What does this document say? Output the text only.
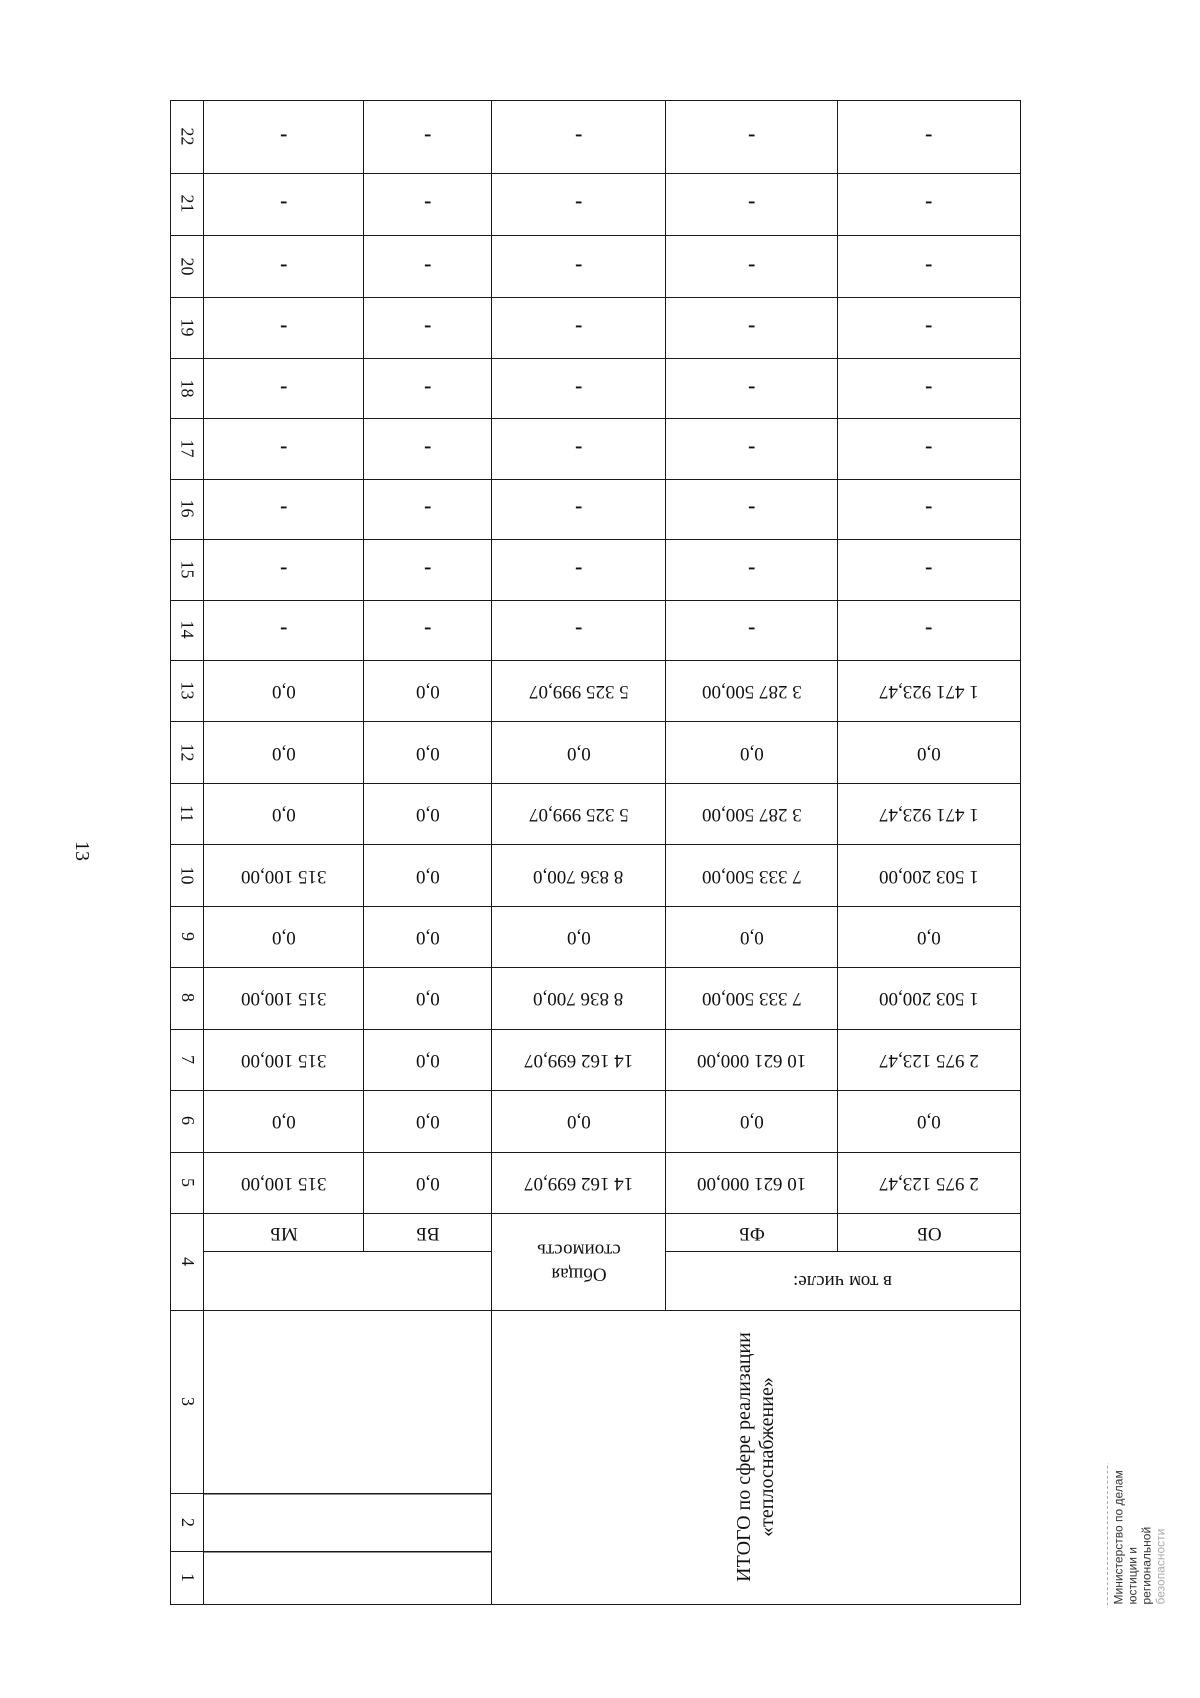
13
22	-	-	-	-	-
21	-	-	-	-	-
20	-	-	-	-	-
19	-	-	-	-	-
18	-	-	-	-	-
17	-	-	-	-	-
16	-	-	-	-	-
15	-	-	-	-	-
14	-	-	-	-	-
13	0,0	0,0	5 325 999,07	3 287 500,00	1 471 923,47
12	0,0	0,0	0,0	0,0	0,0
11	0,0	0,0	5 325 999,07	3 287 500,00	1 471 923,47
10	315 100,00	0,0	8 836 700,0	7 333 500,00	1 503 200,00
9	0,0	0,0	0,0	0,0	0,0
8	315 100,00	0,0	8 836 700,0	7 333 500,00	1 503 200,00
7	315 100,00	0,0	14 162 699,07	10 621 000,00	2 975 123,47
6	0,0	0,0	0,0	0,0	0,0
5	315 100,00	0,0	14 162 699,07	10 621 000,00	2 975 123,47
4	МБ	ВБ	Общая стоимость	ФБ	ОБ
				в том числе:	
3			ИТОГО по сфере реализации «теплоснабжение»		
2					
1						Министерство по делам юстиции и региональной безопасности
